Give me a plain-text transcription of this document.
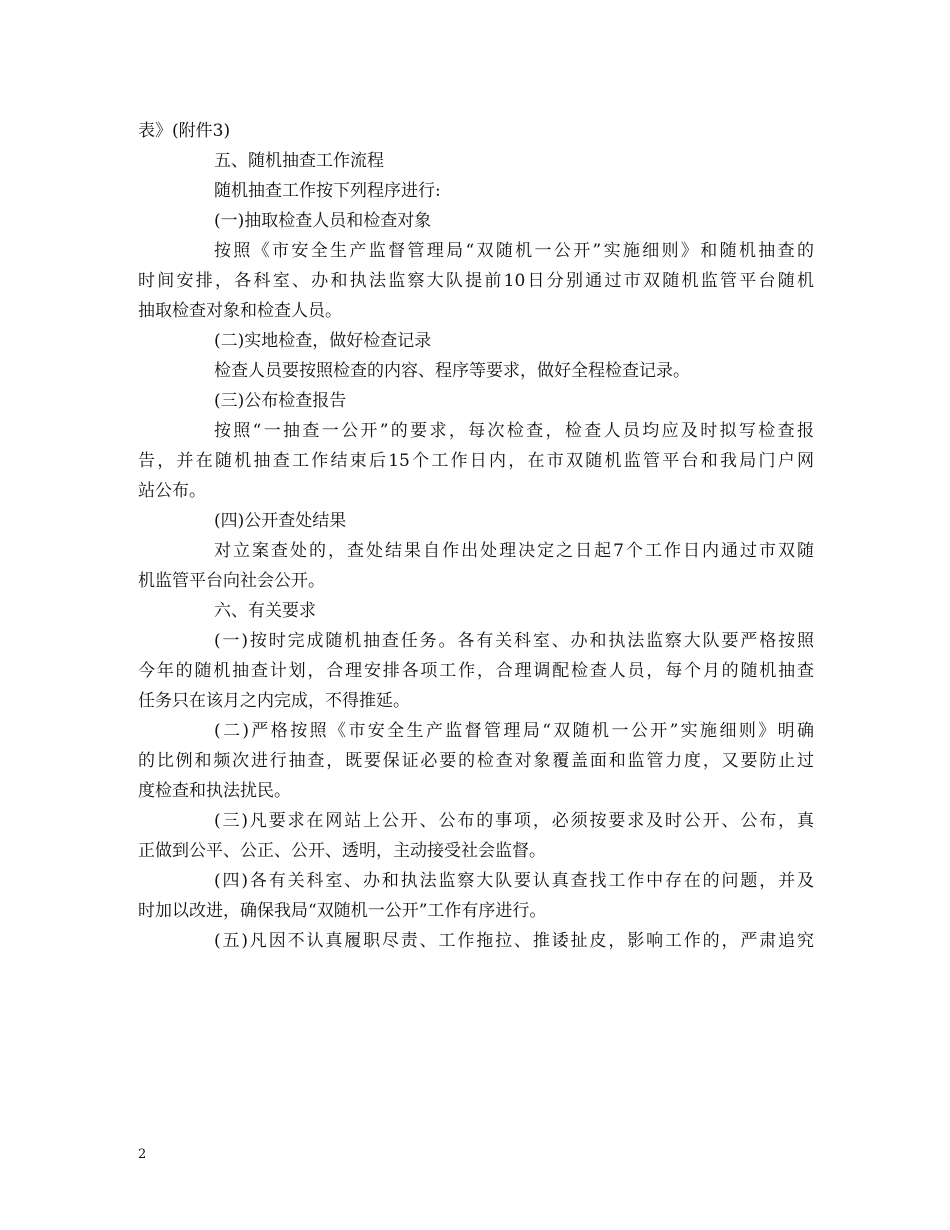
表》(附件3)
五、随机抽查工作流程
随机抽查工作按下列程序进行:
(一)抽取检查人员和检查对象
按照《市安全生产监督管理局“双随机一公开”实施细则》和随机抽查的
时间安排，各科室、办和执法监察大队提前10日分别通过市双随机监管平台随机
抽取检查对象和检查人员。
(二)实地检查，做好检查记录
检查人员要按照检查的内容、程序等要求，做好全程检查记录。
(三)公布检查报告
按照“一抽查一公开”的要求，每次检查，检查人员均应及时拟写检查报
告，并在随机抽查工作结束后15个工作日内，在市双随机监管平台和我局门户网
站公布。
(四)公开查处结果
对立案查处的，查处结果自作出处理决定之日起7个工作日内通过市双随
机监管平台向社会公开。
六、有关要求
(一)按时完成随机抽查任务。各有关科室、办和执法监察大队要严格按照
今年的随机抽查计划，合理安排各项工作，合理调配检查人员，每个月的随机抽查
任务只在该月之内完成，不得推延。
(二)严格按照《市安全生产监督管理局“双随机一公开”实施细则》明确
的比例和频次进行抽查，既要保证必要的检查对象覆盖面和监管力度，又要防止过
度检查和执法扰民。
(三)凡要求在网站上公开、公布的事项，必须按要求及时公开、公布，真
正做到公平、公正、公开、透明，主动接受社会监督。
(四)各有关科室、办和执法监察大队要认真查找工作中存在的问题，并及
时加以改进，确保我局“双随机一公开”工作有序进行。
(五)凡因不认真履职尽责、工作拖拉、推诿扯皮，影响工作的，严肃追究
2
